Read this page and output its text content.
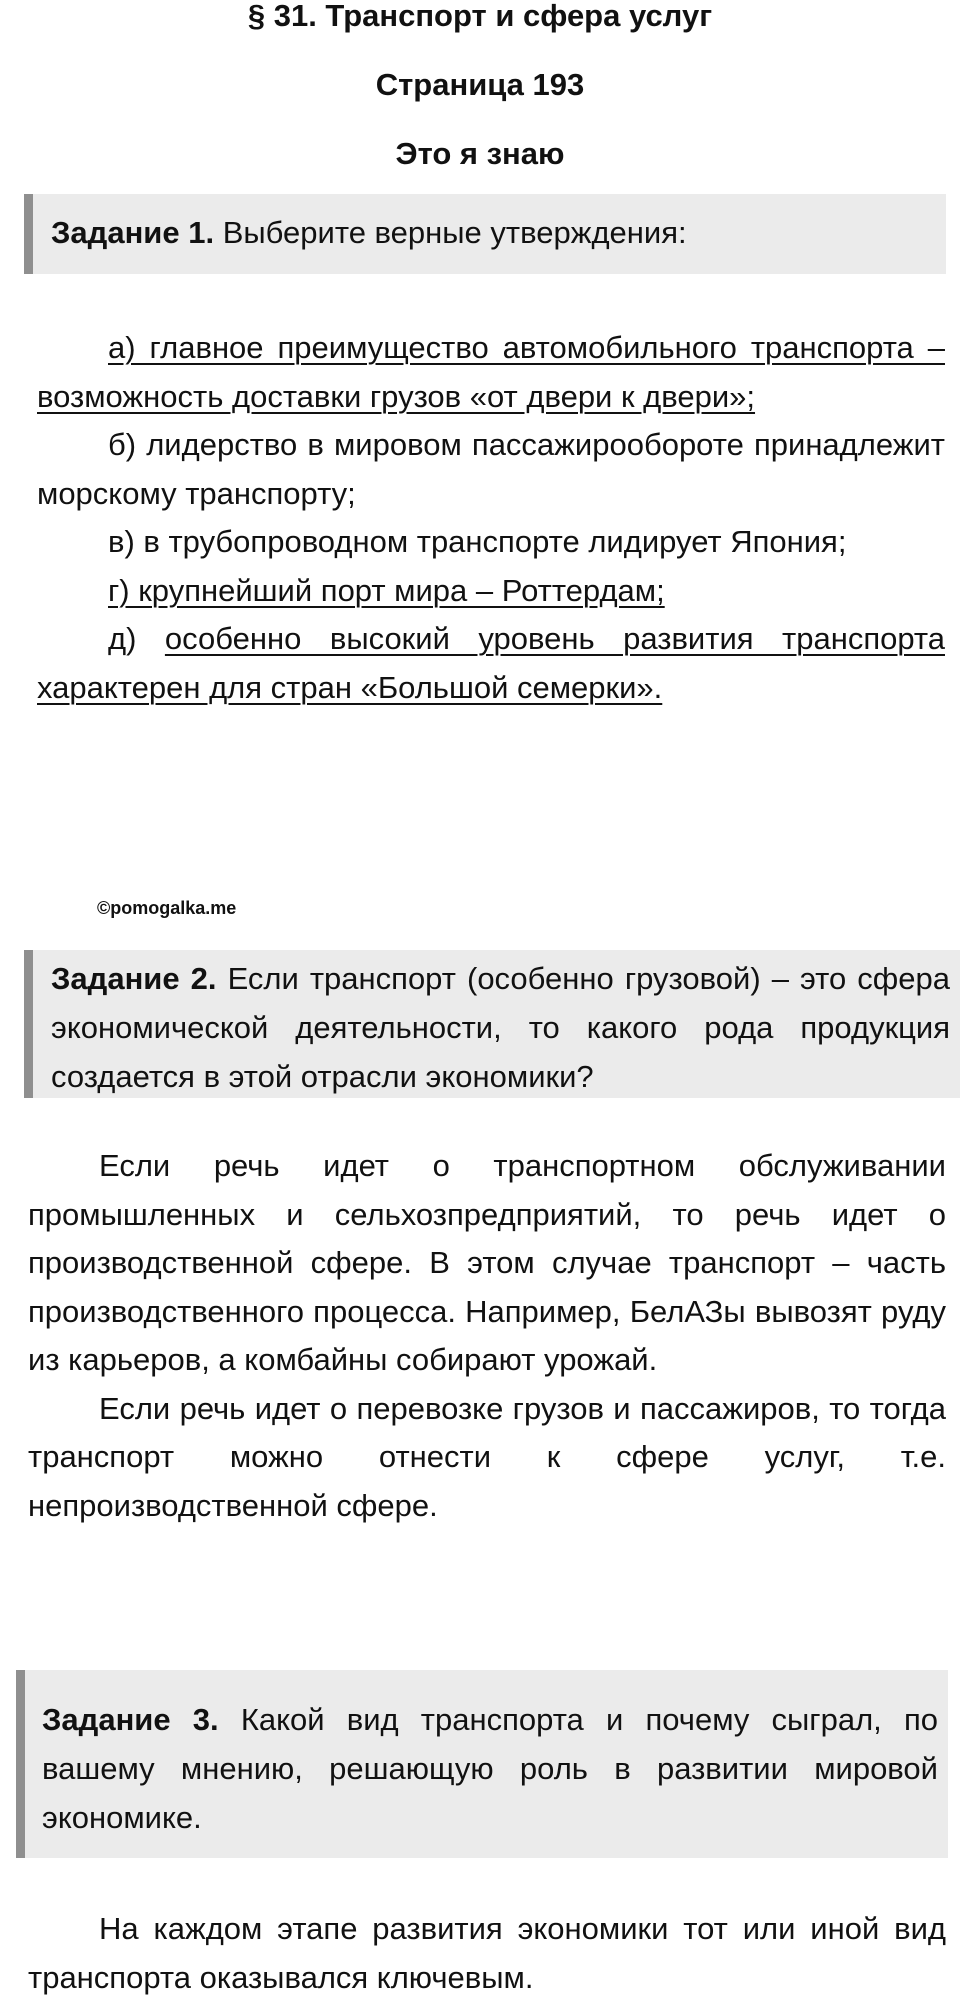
§ 31. Транспорт и сфера услуг
Страница 193
Это я знаю
Задание 1. Выберите верные утверждения:

а) главное преимущество автомобильного транспорта – возможность доставки грузов «от двери к двери»;

б) лидерство в мировом пассажирообороте принадлежит морскому транспорту;

в) в трубопроводном транспорте лидирует Япония;

г) крупнейший порт мира – Роттердам;

д) особенно высокий уровень развития транспорта характерен для стран «Большой семерки».

©pomogalka.me
Задание 2. Если транспорт (особенно грузовой) – это сфера экономической деятельности, то какого рода продукция создается в этой отрасли экономики?

Если речь идет о транспортном обслуживании промышленных и сельхозпредприятий, то речь идет о производственной сфере. В этом случае транспорт – часть производственного процесса. Например, БелАЗы вывозят руду из карьеров, а комбайны собирают урожай.

Если речь идет о перевозке грузов и пассажиров, то тогда транспорт можно отнести к сфере услуг, т.е. непроизводственной сфере.

Задание 3. Какой вид транспорта и почему сыграл, по вашему мнению, решающую роль в развитии мировой экономике.

На каждом этапе развития экономики тот или иной вид транспорта оказывался ключевым.
